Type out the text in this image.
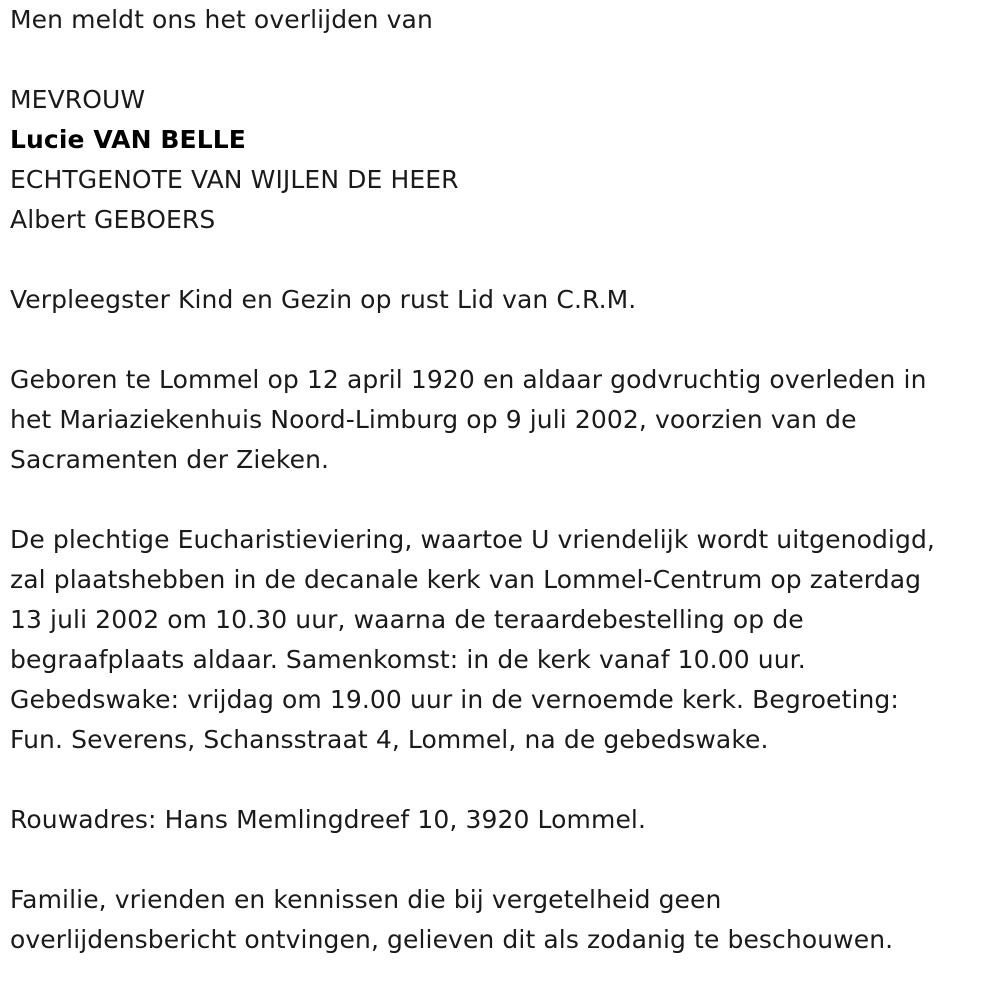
Men meldt ons het overlijden van
MEVROUW
Lucie VAN BELLE
ECHTGENOTE VAN WIJLEN DE HEER
Albert GEBOERS
Verpleegster Kind en Gezin op rust Lid van C.R.M.
Geboren te Lommel op 12 april 1920 en aldaar godvruchtig overleden in
het Mariaziekenhuis Noord-Limburg op 9 juli 2002, voorzien van de
Sacramenten der Zieken.
De plechtige Eucharistieviering, waartoe U vriendelijk wordt uitgenodigd,
zal plaatshebben in de decanale kerk van Lommel-Centrum op zaterdag
13 juli 2002 om 10.30 uur, waarna de teraardebestelling op de
begraafplaats aldaar. Samenkomst: in de kerk vanaf 10.00 uur.
Gebedswake: vrijdag om 19.00 uur in de vernoemde kerk. Begroeting:
Fun. Severens, Schansstraat 4, Lommel, na de gebedswake.
Rouwadres: Hans Memlingdreef 10, 3920 Lommel.
Familie, vrienden en kennissen die bij vergetelheid geen
overlijdensbericht ontvingen, gelieven dit als zodanig te beschouwen.
